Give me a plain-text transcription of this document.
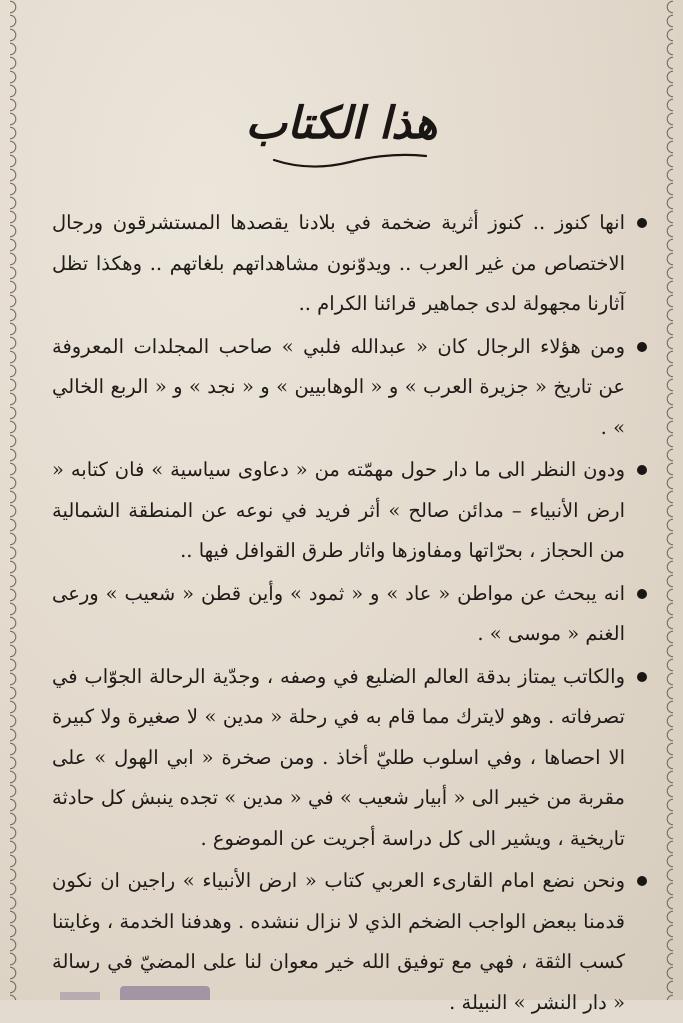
هذا الكتاب

انها كنوز .. كنوز أثرية ضخمة في بلادنا يقصدها المستشرقون ورجال الاختصاص من غير العرب .. ويدوّنون مشاهداتهم بلغاتهم .. وهكذا تظل آثارنا مجهولة لدى جماهير قرائنا الكرام ..

ومن هؤلاء الرجال كان « عبدالله فلبي » صاحب المجلدات المعروفة عن تاريخ « جزيرة العرب » و « الوهابيين » و « نجد » و « الربع الخالي » .

ودون النظر الى ما دار حول مهمّته من « دعاوى سياسية » فان كتابه « ارض الأنبياء – مدائن صالح » أثر فريد في نوعه عن المنطقة الشمالية من الحجاز ، بحرّاتها ومفاوزها واثار طرق القوافل فيها ..

انه يبحث عن مواطن « عاد » و « ثمود » وأين قطن « شعيب » ورعى الغنم « موسى » .

والكاتب يمتاز بدقة العالم الضليع في وصفه ، وجدّية الرحالة الجوّاب في تصرفاته . وهو لايترك مما قام به في رحلة « مدين » لا صغيرة ولا كبيرة الا احصاها ، وفي اسلوب طليّ أخاذ . ومن صخرة « ابي الهول » على مقربة من خيبر الى « أبيار شعيب » في « مدين » تجده ينبش كل حادثة تاريخية ، ويشير الى كل دراسة أجريت عن الموضوع .

ونحن نضع امام القارىء العربي كتاب « ارض الأنبياء » راجين ان نكون قدمنا ببعض الواجب الضخم الذي لا نزال ننشده . وهدفنا الخدمة ، وغايتنا كسب الثقة ، فهي مع توفيق الله خير معوان لنا على المضيّ في رسالة « دار النشر » النبيلة .
